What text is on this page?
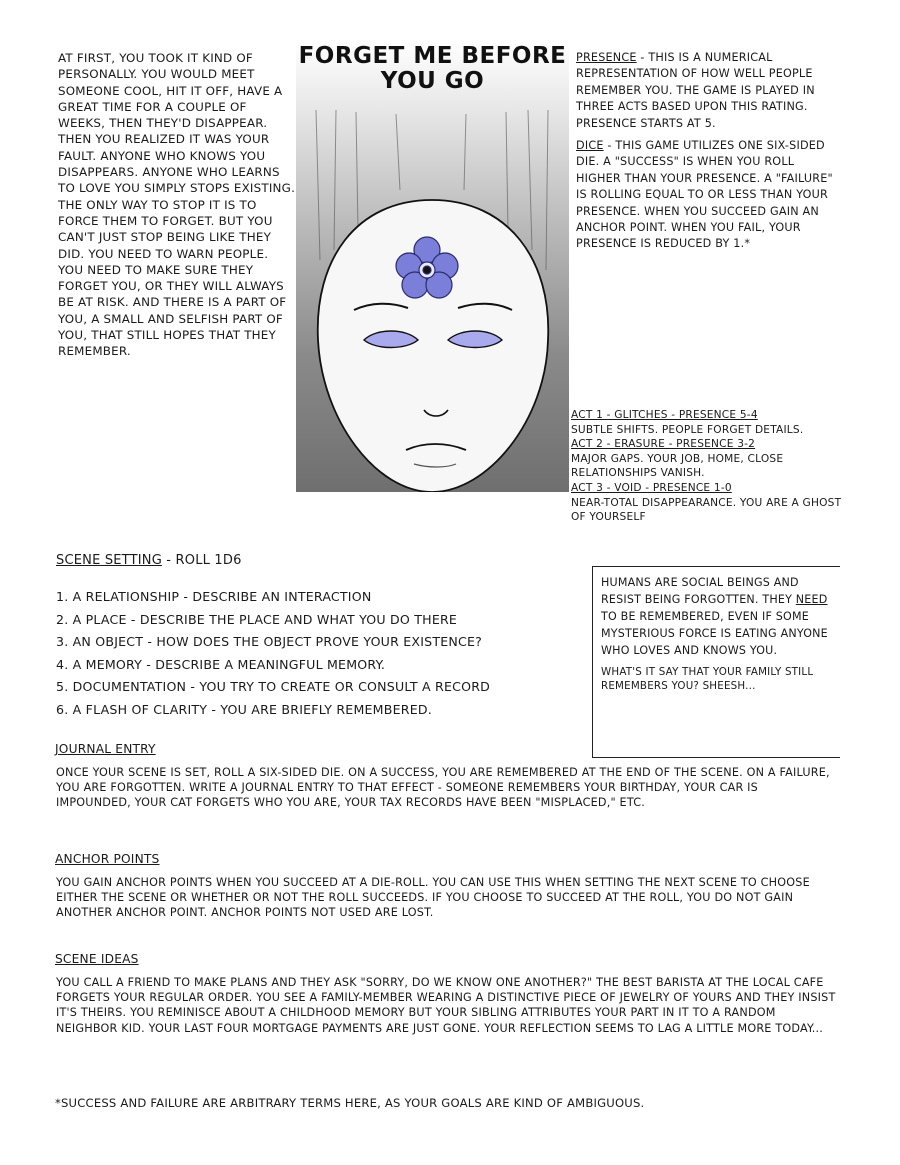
AT FIRST, YOU TOOK IT KIND OF PERSONALLY. YOU WOULD MEET SOMEONE COOL, HIT IT OFF, HAVE A GREAT TIME FOR A COUPLE OF WEEKS, THEN THEY'D DISAPPEAR. THEN YOU REALIZED IT WAS YOUR FAULT. ANYONE WHO KNOWS YOU DISAPPEARS. ANYONE WHO LEARNS TO LOVE YOU SIMPLY STOPS EXISTING. THE ONLY WAY TO STOP IT IS TO FORCE THEM TO FORGET. BUT YOU CAN'T JUST STOP BEING LIKE THEY DID. YOU NEED TO WARN PEOPLE. YOU NEED TO MAKE SURE THEY FORGET YOU, OR THEY WILL ALWAYS BE AT RISK. AND THERE IS A PART OF YOU, A SMALL AND SELFISH PART OF YOU, THAT STILL HOPES THAT THEY REMEMBER.
FORGET ME BEFORE
YOU GO

PRESENCE - THIS IS A NUMERICAL REPRESENTATION OF HOW WELL PEOPLE REMEMBER YOU. THE GAME IS PLAYED IN THREE ACTS BASED UPON THIS RATING. PRESENCE STARTS AT 5.

DICE - THIS GAME UTILIZES ONE SIX-SIDED DIE. A "SUCCESS" IS WHEN YOU ROLL HIGHER THAN YOUR PRESENCE. A "FAILURE" IS ROLLING EQUAL TO OR LESS THAN YOUR PRESENCE. WHEN YOU SUCCEED GAIN AN ANCHOR POINT. WHEN YOU FAIL, YOUR PRESENCE IS REDUCED BY 1.*

ACT 1 - GLITCHES - PRESENCE 5-4
SUBTLE SHIFTS. PEOPLE FORGET DETAILS.

ACT 2 - ERASURE - PRESENCE 3-2
MAJOR GAPS. YOUR JOB, HOME, CLOSE RELATIONSHIPS VANISH.

ACT 3 - VOID - PRESENCE 1-0
NEAR-TOTAL DISAPPEARANCE. YOU ARE A GHOST OF YOURSELF

SCENE SETTING - ROLL 1D6
1. A RELATIONSHIP - DESCRIBE AN INTERACTION
2. A PLACE - DESCRIBE THE PLACE AND WHAT YOU DO THERE
3. AN OBJECT - HOW DOES THE OBJECT PROVE YOUR EXISTENCE?
4. A MEMORY - DESCRIBE A MEANINGFUL MEMORY.
5. DOCUMENTATION - YOU TRY TO CREATE OR CONSULT A RECORD
6. A FLASH OF CLARITY - YOU ARE BRIEFLY REMEMBERED.

HUMANS ARE SOCIAL BEINGS AND RESIST BEING FORGOTTEN. THEY NEED TO BE REMEMBERED, EVEN IF SOME MYSTERIOUS FORCE IS EATING ANYONE WHO LOVES AND KNOWS YOU.

WHAT'S IT SAY THAT YOUR FAMILY STILL REMEMBERS YOU? SHEESH...

JOURNAL ENTRY

ONCE YOUR SCENE IS SET, ROLL A SIX-SIDED DIE. ON A SUCCESS, YOU ARE REMEMBERED AT THE END OF THE SCENE. ON A FAILURE, YOU ARE FORGOTTEN. WRITE A JOURNAL ENTRY TO THAT EFFECT - SOMEONE REMEMBERS YOUR BIRTHDAY, YOUR CAR IS IMPOUNDED, YOUR CAT FORGETS WHO YOU ARE, YOUR TAX RECORDS HAVE BEEN "MISPLACED," ETC.

ANCHOR POINTS

YOU GAIN ANCHOR POINTS WHEN YOU SUCCEED AT A DIE-ROLL. YOU CAN USE THIS WHEN SETTING THE NEXT SCENE TO CHOOSE EITHER THE SCENE OR WHETHER OR NOT THE ROLL SUCCEEDS. IF YOU CHOOSE TO SUCCEED AT THE ROLL, YOU DO NOT GAIN ANOTHER ANCHOR POINT. ANCHOR POINTS NOT USED ARE LOST.

SCENE IDEAS

YOU CALL A FRIEND TO MAKE PLANS AND THEY ASK "SORRY, DO WE KNOW ONE ANOTHER?" THE BEST BARISTA AT THE LOCAL CAFE FORGETS YOUR REGULAR ORDER. YOU SEE A FAMILY-MEMBER WEARING A DISTINCTIVE PIECE OF JEWELRY OF YOURS AND THEY INSIST IT'S THEIRS. YOU REMINISCE ABOUT A CHILDHOOD MEMORY BUT YOUR SIBLING ATTRIBUTES YOUR PART IN IT TO A RANDOM NEIGHBOR KID. YOUR LAST FOUR MORTGAGE PAYMENTS ARE JUST GONE. YOUR REFLECTION SEEMS TO LAG A LITTLE MORE TODAY...

*SUCCESS AND FAILURE ARE ARBITRARY TERMS HERE, AS YOUR GOALS ARE KIND OF AMBIGUOUS.
